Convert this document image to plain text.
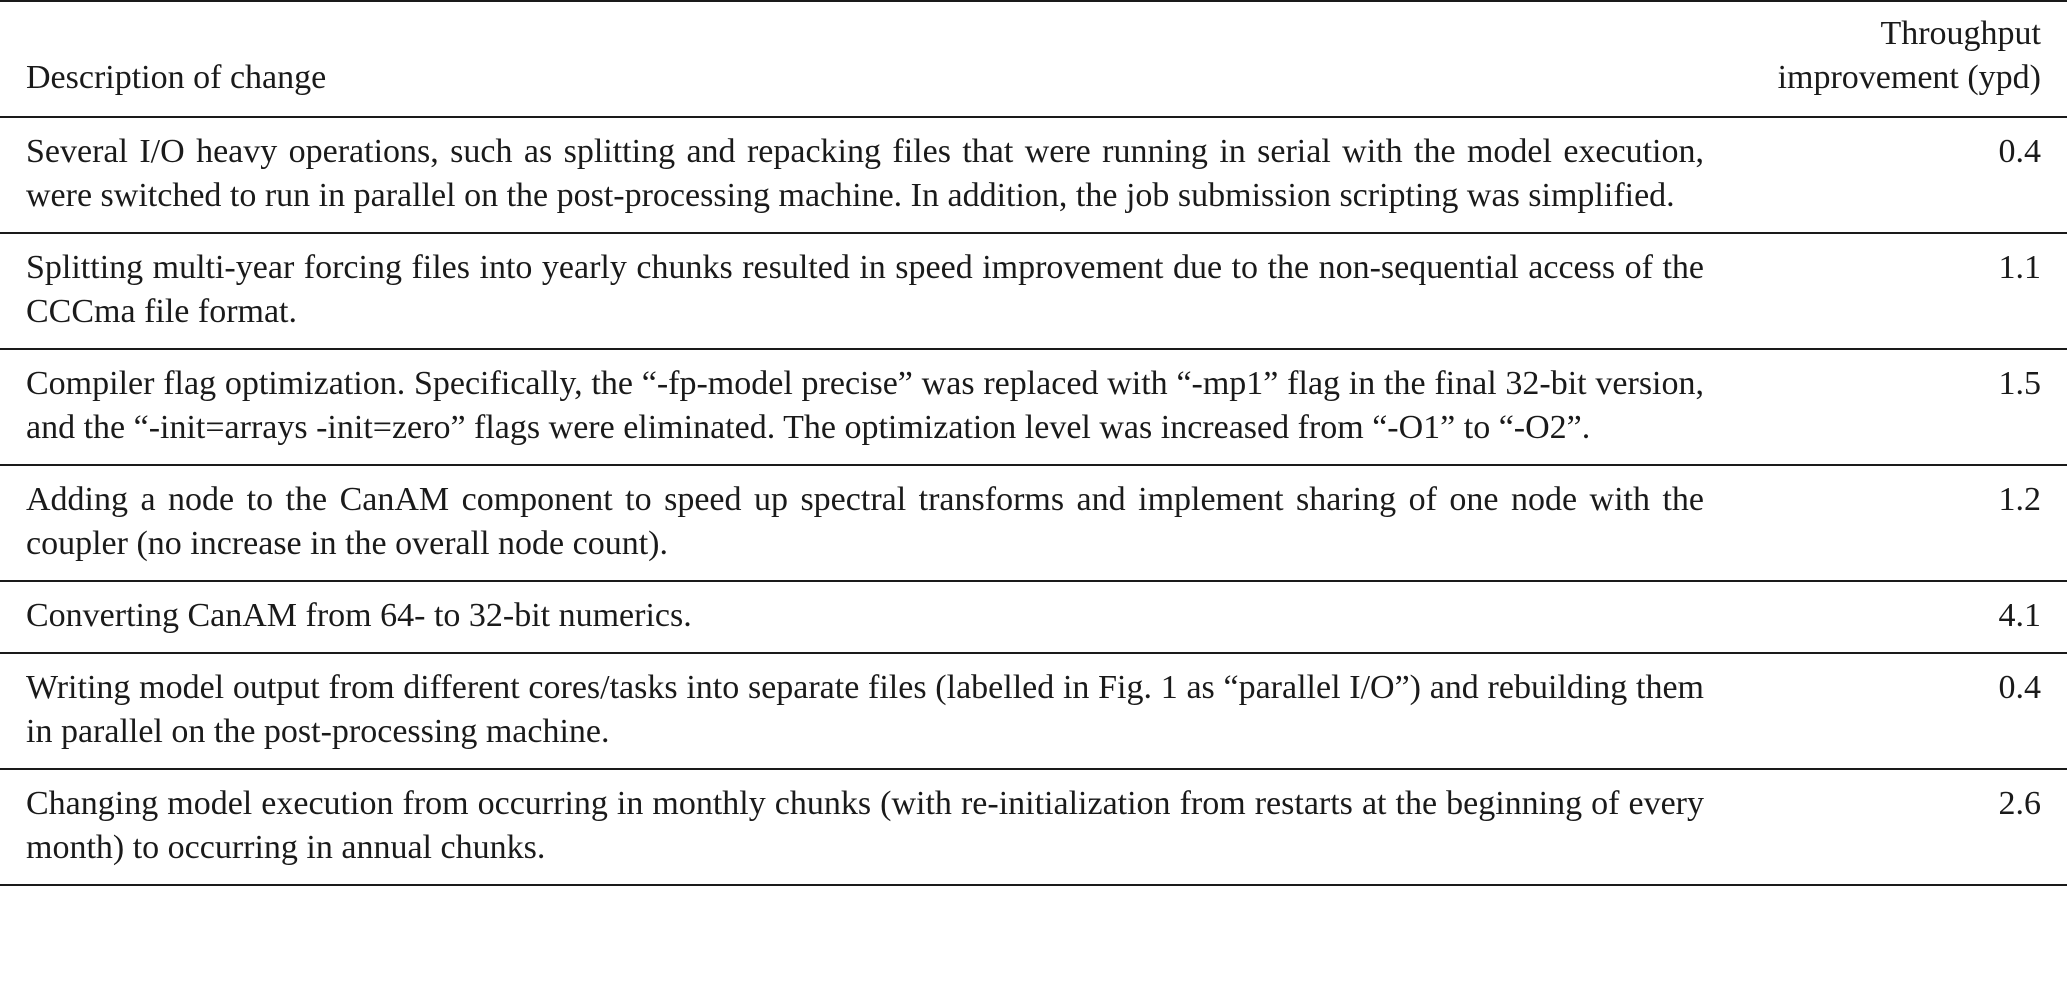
Description of change	Throughput
improvement (ypd)

Several I/O heavy operations, such as splitting and repacking files that were running in serial with the model execution, were switched to run in parallel on the post-processing machine. In addition, the job submission scripting was simplified.	0.4
Splitting multi-year forcing files into yearly chunks resulted in speed improvement due to the non-sequential access of the CCCma file format.	1.1
Compiler flag optimization. Specifically, the “-fp-model precise” was replaced with “-mp1” flag in the final 32-bit version, and the “-init=arrays -init=zero” flags were eliminated. The optimization level was increased from “-O1” to “-O2”.	1.5
Adding a node to the CanAM component to speed up spectral transforms and implement sharing of one node with the coupler (no increase in the overall node count).	1.2
Converting CanAM from 64- to 32-bit numerics.	4.1
Writing model output from different cores/tasks into separate files (labelled in Fig. 1 as “parallel I/O”) and rebuilding them in parallel on the post-processing machine.	0.4
Changing model execution from occurring in monthly chunks (with re-initialization from restarts at the beginning of every month) to occurring in annual chunks.	2.6
